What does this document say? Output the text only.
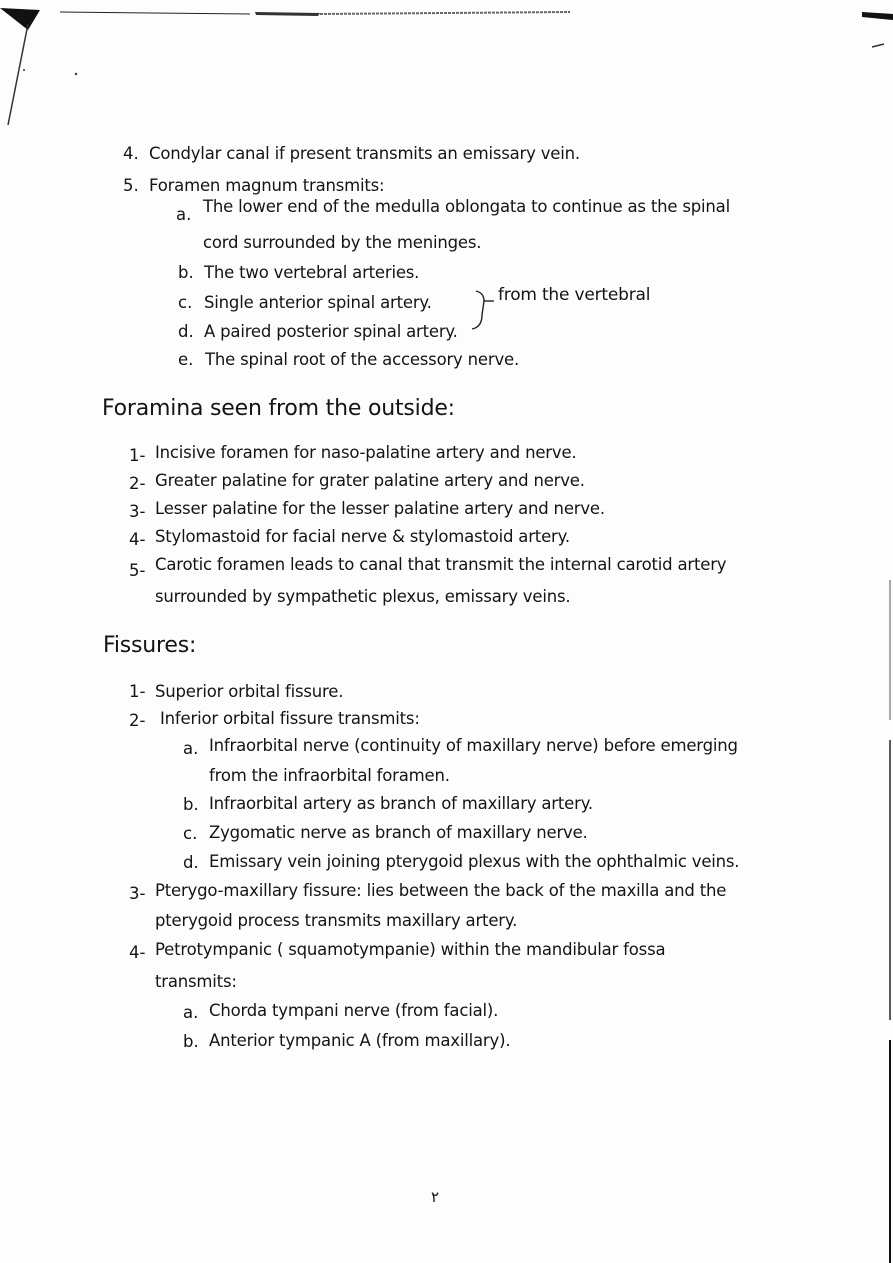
4. Condylar canal if present transmits an emissary vein.
5. Foramen magnum transmits:
a. The lower end of the medulla oblongata to continue as the spinal
cord surrounded by the meninges.
b. The two vertebral arteries.
c. Single anterior spinal artery.
d. A paired posterior spinal artery.
from the vertebral
e. The spinal root of the accessory nerve.
Foramina seen from the outside:
1- Incisive foramen for naso-palatine artery and nerve.
2- Greater palatine for grater palatine artery and nerve.
3- Lesser palatine for the lesser palatine artery and nerve.
4- Stylomastoid for facial nerve & stylomastoid artery.
5- Carotic foramen leads to canal that transmit the internal carotid artery
surrounded by sympathetic plexus, emissary veins.
Fissures:
1- Superior orbital fissure.
2- Inferior orbital fissure transmits:
a. Infraorbital nerve (continuity of maxillary nerve) before emerging
from the infraorbital foramen.
b. Infraorbital artery as branch of maxillary artery.
c. Zygomatic nerve as branch of maxillary nerve.
d. Emissary vein joining pterygoid plexus with the ophthalmic veins.
3- Pterygo-maxillary fissure: lies between the back of the maxilla and the
pterygoid process transmits maxillary artery.
4- Petrotympanic ( squamotympanie) within the mandibular fossa
transmits:
a. Chorda tympani nerve (from facial).
b. Anterior tympanic A (from maxillary).
٢
